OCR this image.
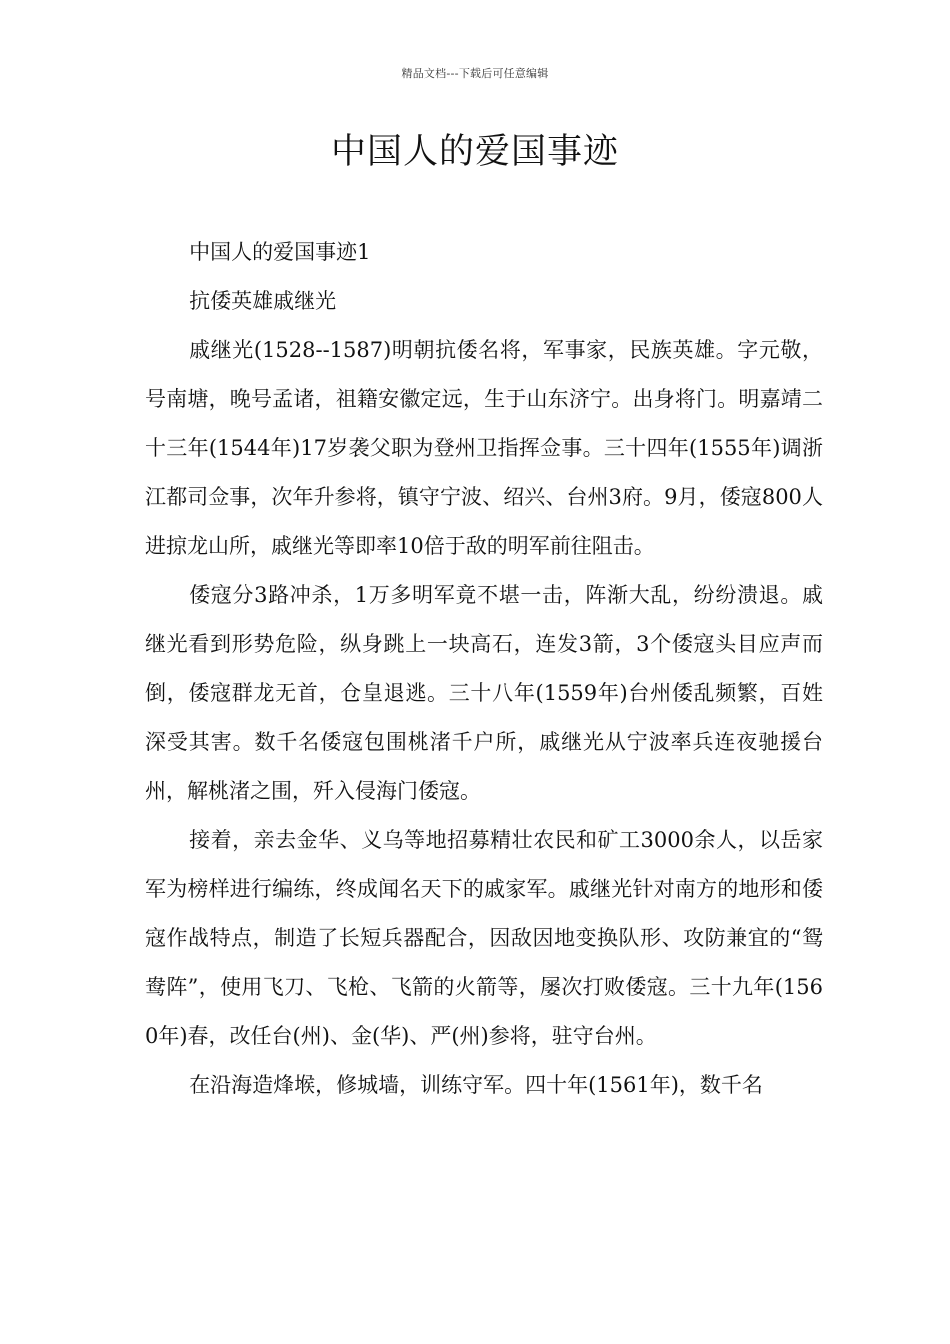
精品文档---下载后可任意编辑
中国人的爱国事迹

中国人的爱国事迹1

抗倭英雄戚继光

戚继光(1528--1587)明朝抗倭名将，军事家，民族英雄。字元敬，号南塘，晚号孟诸，祖籍安徽定远，生于山东济宁。出身将门。明嘉靖二十三年(1544年)17岁袭父职为登州卫指挥佥事。三十四年(1555年)调浙江都司佥事，次年升参将，镇守宁波、绍兴、台州3府。9月，倭寇800人进掠龙山所，戚继光等即率10倍于敌的明军前往阻击。

倭寇分3路冲杀，1万多明军竟不堪一击，阵渐大乱，纷纷溃退。戚继光看到形势危险，纵身跳上一块高石，连发3箭，3个倭寇头目应声而倒，倭寇群龙无首，仓皇退逃。三十八年(1559年)台州倭乱频繁，百姓深受其害。数千名倭寇包围桃渚千户所，戚继光从宁波率兵连夜驰援台州，解桃渚之围，歼入侵海门倭寇。

接着，亲去金华、义乌等地招募精壮农民和矿工3000余人，以岳家军为榜样进行编练，终成闻名天下的戚家军。戚继光针对南方的地形和倭寇作战特点，制造了长短兵器配合，因敌因地变换队形、攻防兼宜的“鸳鸯阵”，使用飞刀、飞枪、飞箭的火箭等，屡次打败倭寇。三十九年(1560年)春，改任台(州)、金(华)、严(州)参将，驻守台州。

在沿海造烽堠，修城墙，训练守军。四十年(1561年)，数千名
